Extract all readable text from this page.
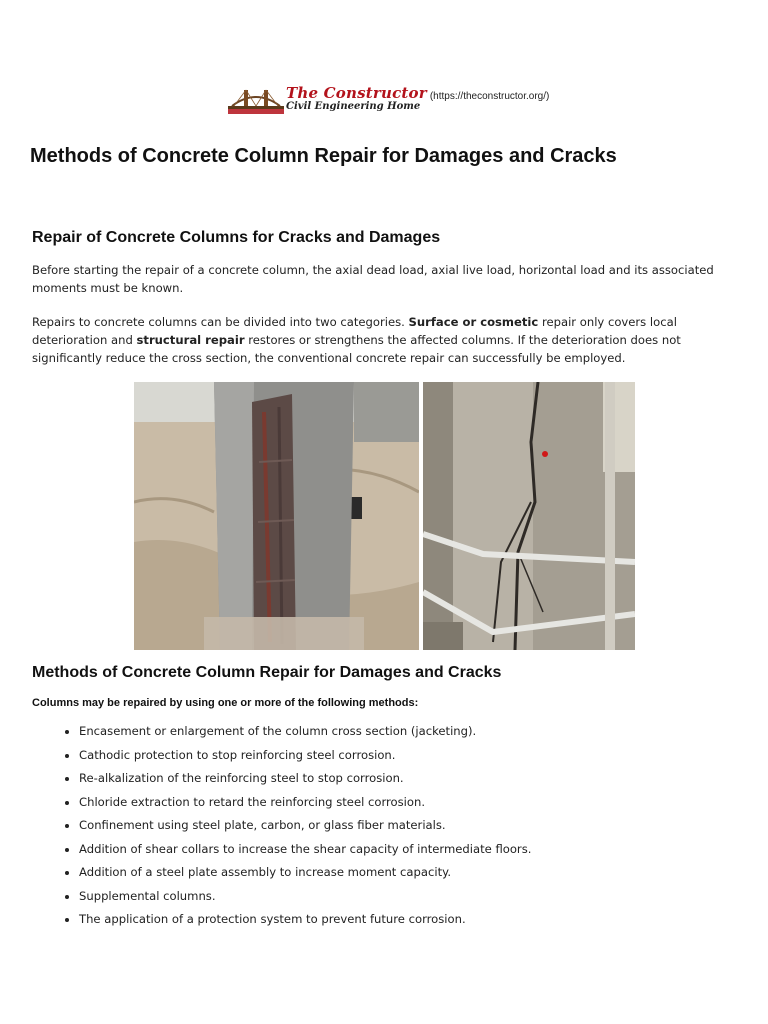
The Constructor
Civil Engineering Home
(https://theconstructor.org/)
Methods of Concrete Column Repair for Damages and Cracks
Repair of Concrete Columns for Cracks and Damages

Before starting the repair of a concrete column, the axial dead load, axial live load, horizontal load and its associated moments must be known.

Repairs to concrete columns can be divided into two categories. Surface or cosmetic repair only covers local deterioration and structural repair restores or strengthens the affected columns. If the deterioration does not significantly reduce the cross section, the conventional concrete repair can successfully be employed.

Methods of Concrete Column Repair for Damages and Cracks

Columns may be repaired by using one or more of the following methods:

• Encasement or enlargement of the column cross section (jacketing).
• Cathodic protection to stop reinforcing steel corrosion.
• Re-alkalization of the reinforcing steel to stop corrosion.
• Chloride extraction to retard the reinforcing steel corrosion.
• Confinement using steel plate, carbon, or glass fiber materials.
• Addition of shear collars to increase the shear capacity of intermediate floors.
• Addition of a steel plate assembly to increase moment capacity.
• Supplemental columns.
• The application of a protection system to prevent future corrosion.
